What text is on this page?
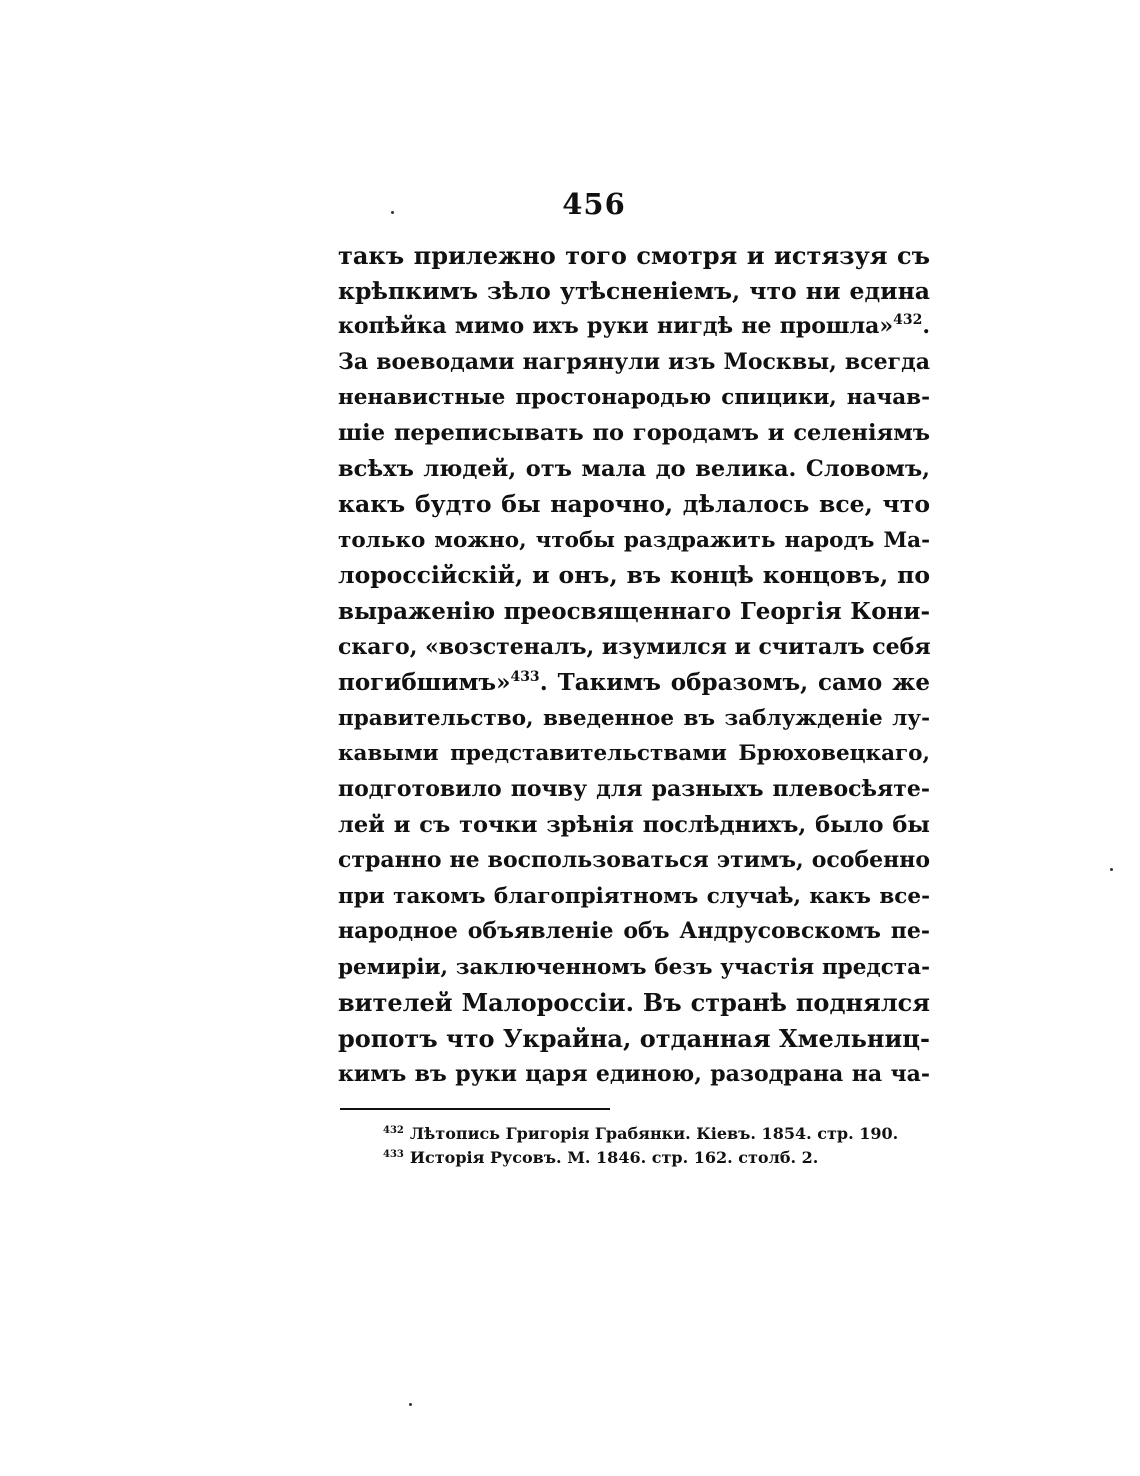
456
такъ прилежно того смотря и истязуя съ
крѣпкимъ зѣло утѣсненіемъ, что ни едина
копѣйка мимо ихъ руки нигдѣ не прошла»$^{432}$.
За воеводами нагрянули изъ Москвы, всегда
ненавистные простонародью спицики, начав-
шіе переписывать по городамъ и селеніямъ
всѣхъ людей, отъ мала до велика. Словомъ,
какъ будто бы нарочно, дѣлалось все, что
только можно, чтобы раздражить народъ Ма-
лороссійскій, и онъ, въ концѣ концовъ, по
выраженію преосвященнаго Георгія Кони-
скаго, «возстеналъ, изумился и считалъ себя
погибшимъ»$^{433}$. Такимъ образомъ, само же
правительство, введенное въ заблужденіе лу-
кавыми представительствами Брюховецкаго,
подготовило почву для разныхъ плевосѣяте-
лей и съ точки зрѣнія послѣднихъ, было бы
странно не воспользоваться этимъ, особенно
при такомъ благопріятномъ случаѣ, какъ все-
народное объявленіе объ Андрусовскомъ пе-
ремиріи, заключенномъ безъ участія предста-
вителей Малороссіи. Въ странѣ поднялся
ропотъ что Украйна, отданная Хмельниц-
кимъ въ руки царя единою, разодрана на ча-
$^{432}$ Лѣтопись Григорія Грабянки. Кіевъ. 1854. стр. 190.
$^{433}$ Исторія Русовъ. М. 1846. стр. 162. столб. 2.
